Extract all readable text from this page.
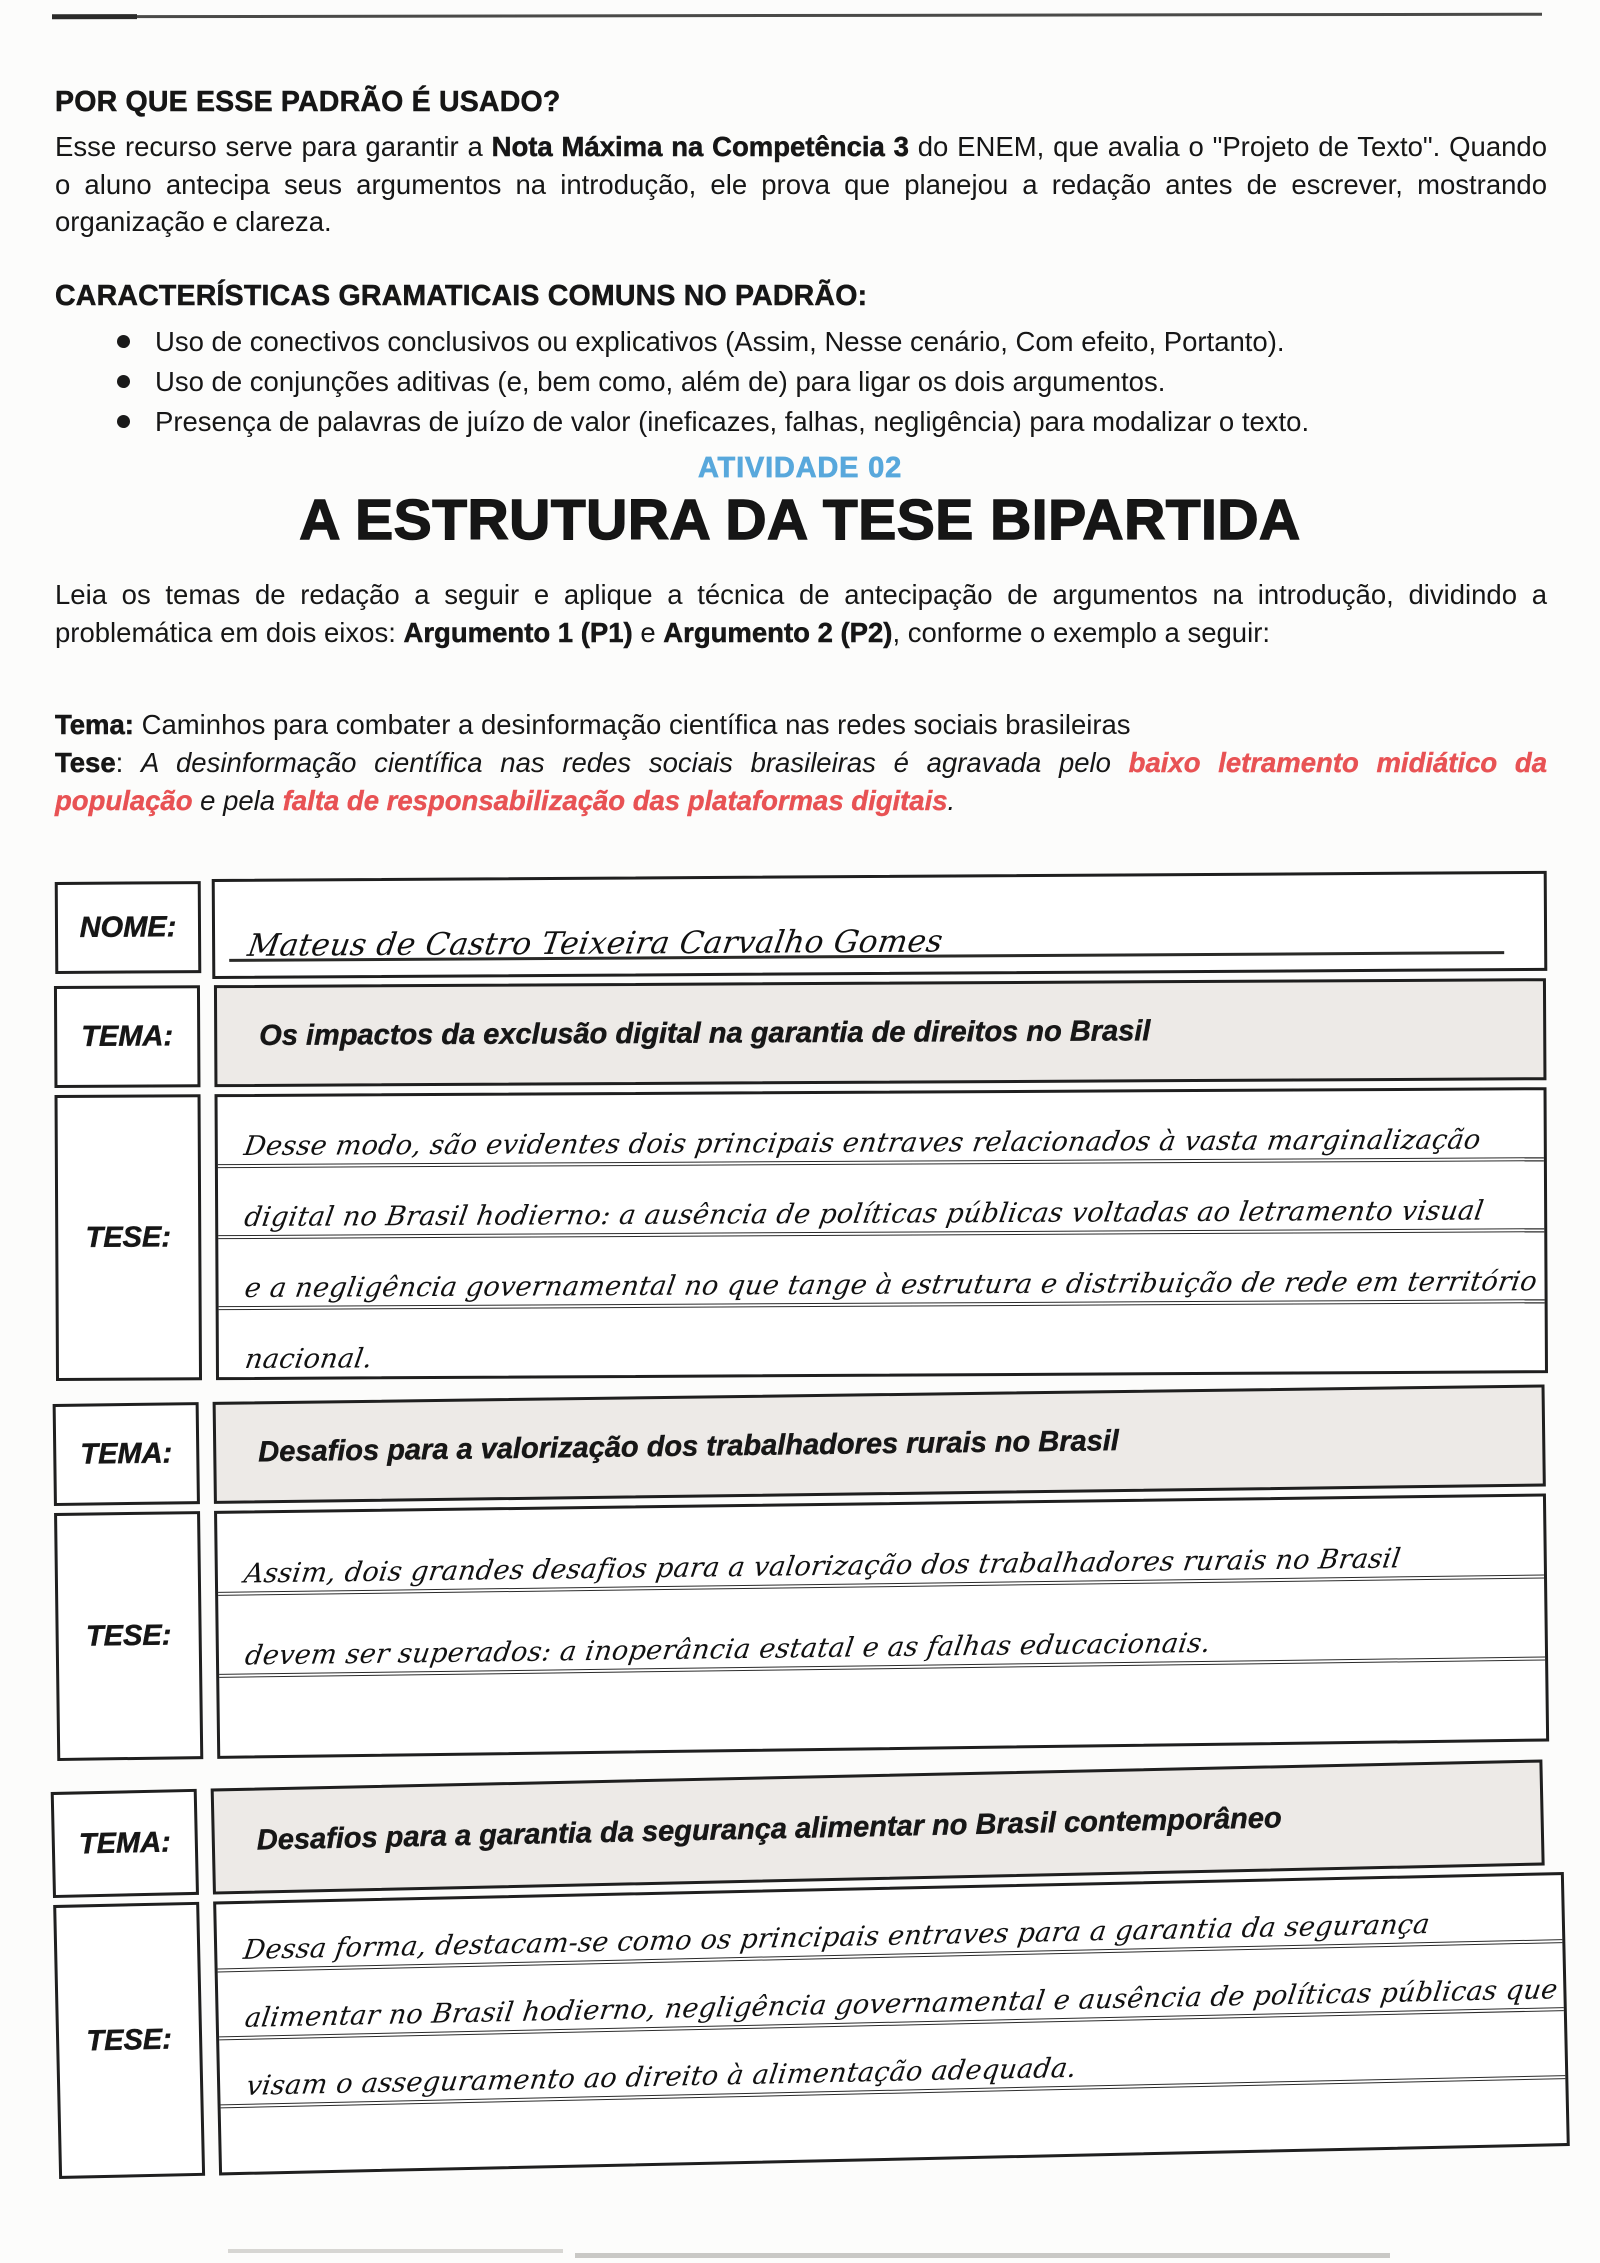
POR QUE ESSE PADRÃO É USADO?

Esse recurso serve para garantir a Nota Máxima na Competência 3 do ENEM, que avalia o "Projeto de Texto". Quando o aluno antecipa seus argumentos na introdução, ele prova que planejou a redação antes de escrever, mostrando organização e clareza.

CARACTERÍSTICAS GRAMATICAIS COMUNS NO PADRÃO:
Uso de conectivos conclusivos ou explicativos (Assim, Nesse cenário, Com efeito, Portanto).
Uso de conjunções aditivas (e, bem como, além de) para ligar os dois argumentos.
Presença de palavras de juízo de valor (ineficazes, falhas, negligência) para modalizar o texto.
ATIVIDADE 02
A ESTRUTURA DA TESE BIPARTIDA

Leia os temas de redação a seguir e aplique a técnica de antecipação de argumentos na introdução, dividindo a problemática em dois eixos: Argumento 1 (P1) e Argumento 2 (P2), conforme o exemplo a seguir:

Tema: Caminhos para combater a desinformação científica nas redes sociais brasileiras

Tese: A desinformação científica nas redes sociais brasileiras é agravada pelo baixo letramento midiático da população e pela falta de responsabilização das plataformas digitais.

NOME: Mateus de Castro Teixeira Carvalho Gomes
TEMA:	Os impactos da exclusão digital na garantia de direitos no Brasil
TESE:
Desse modo, são evidentes dois principais entraves relacionados à vasta marginalização
digital no Brasil hodierno: a ausência de políticas públicas voltadas ao letramento visual
e a negligência governamental no que tange à estrutura e distribuição de rede em território
nacional.
TEMA:	Desafios para a valorização dos trabalhadores rurais no Brasil
TESE:
Assim, dois grandes desafios para a valorização dos trabalhadores rurais no Brasil
devem ser superados: a inoperância estatal e as falhas educacionais.
TEMA:	Desafios para a garantia da segurança alimentar no Brasil contemporâneo
TESE:
Dessa forma, destacam-se como os principais entraves para a garantia da segurança
alimentar no Brasil hodierno, negligência governamental e ausência de políticas públicas que
visam o asseguramento ao direito à alimentação adequada.
